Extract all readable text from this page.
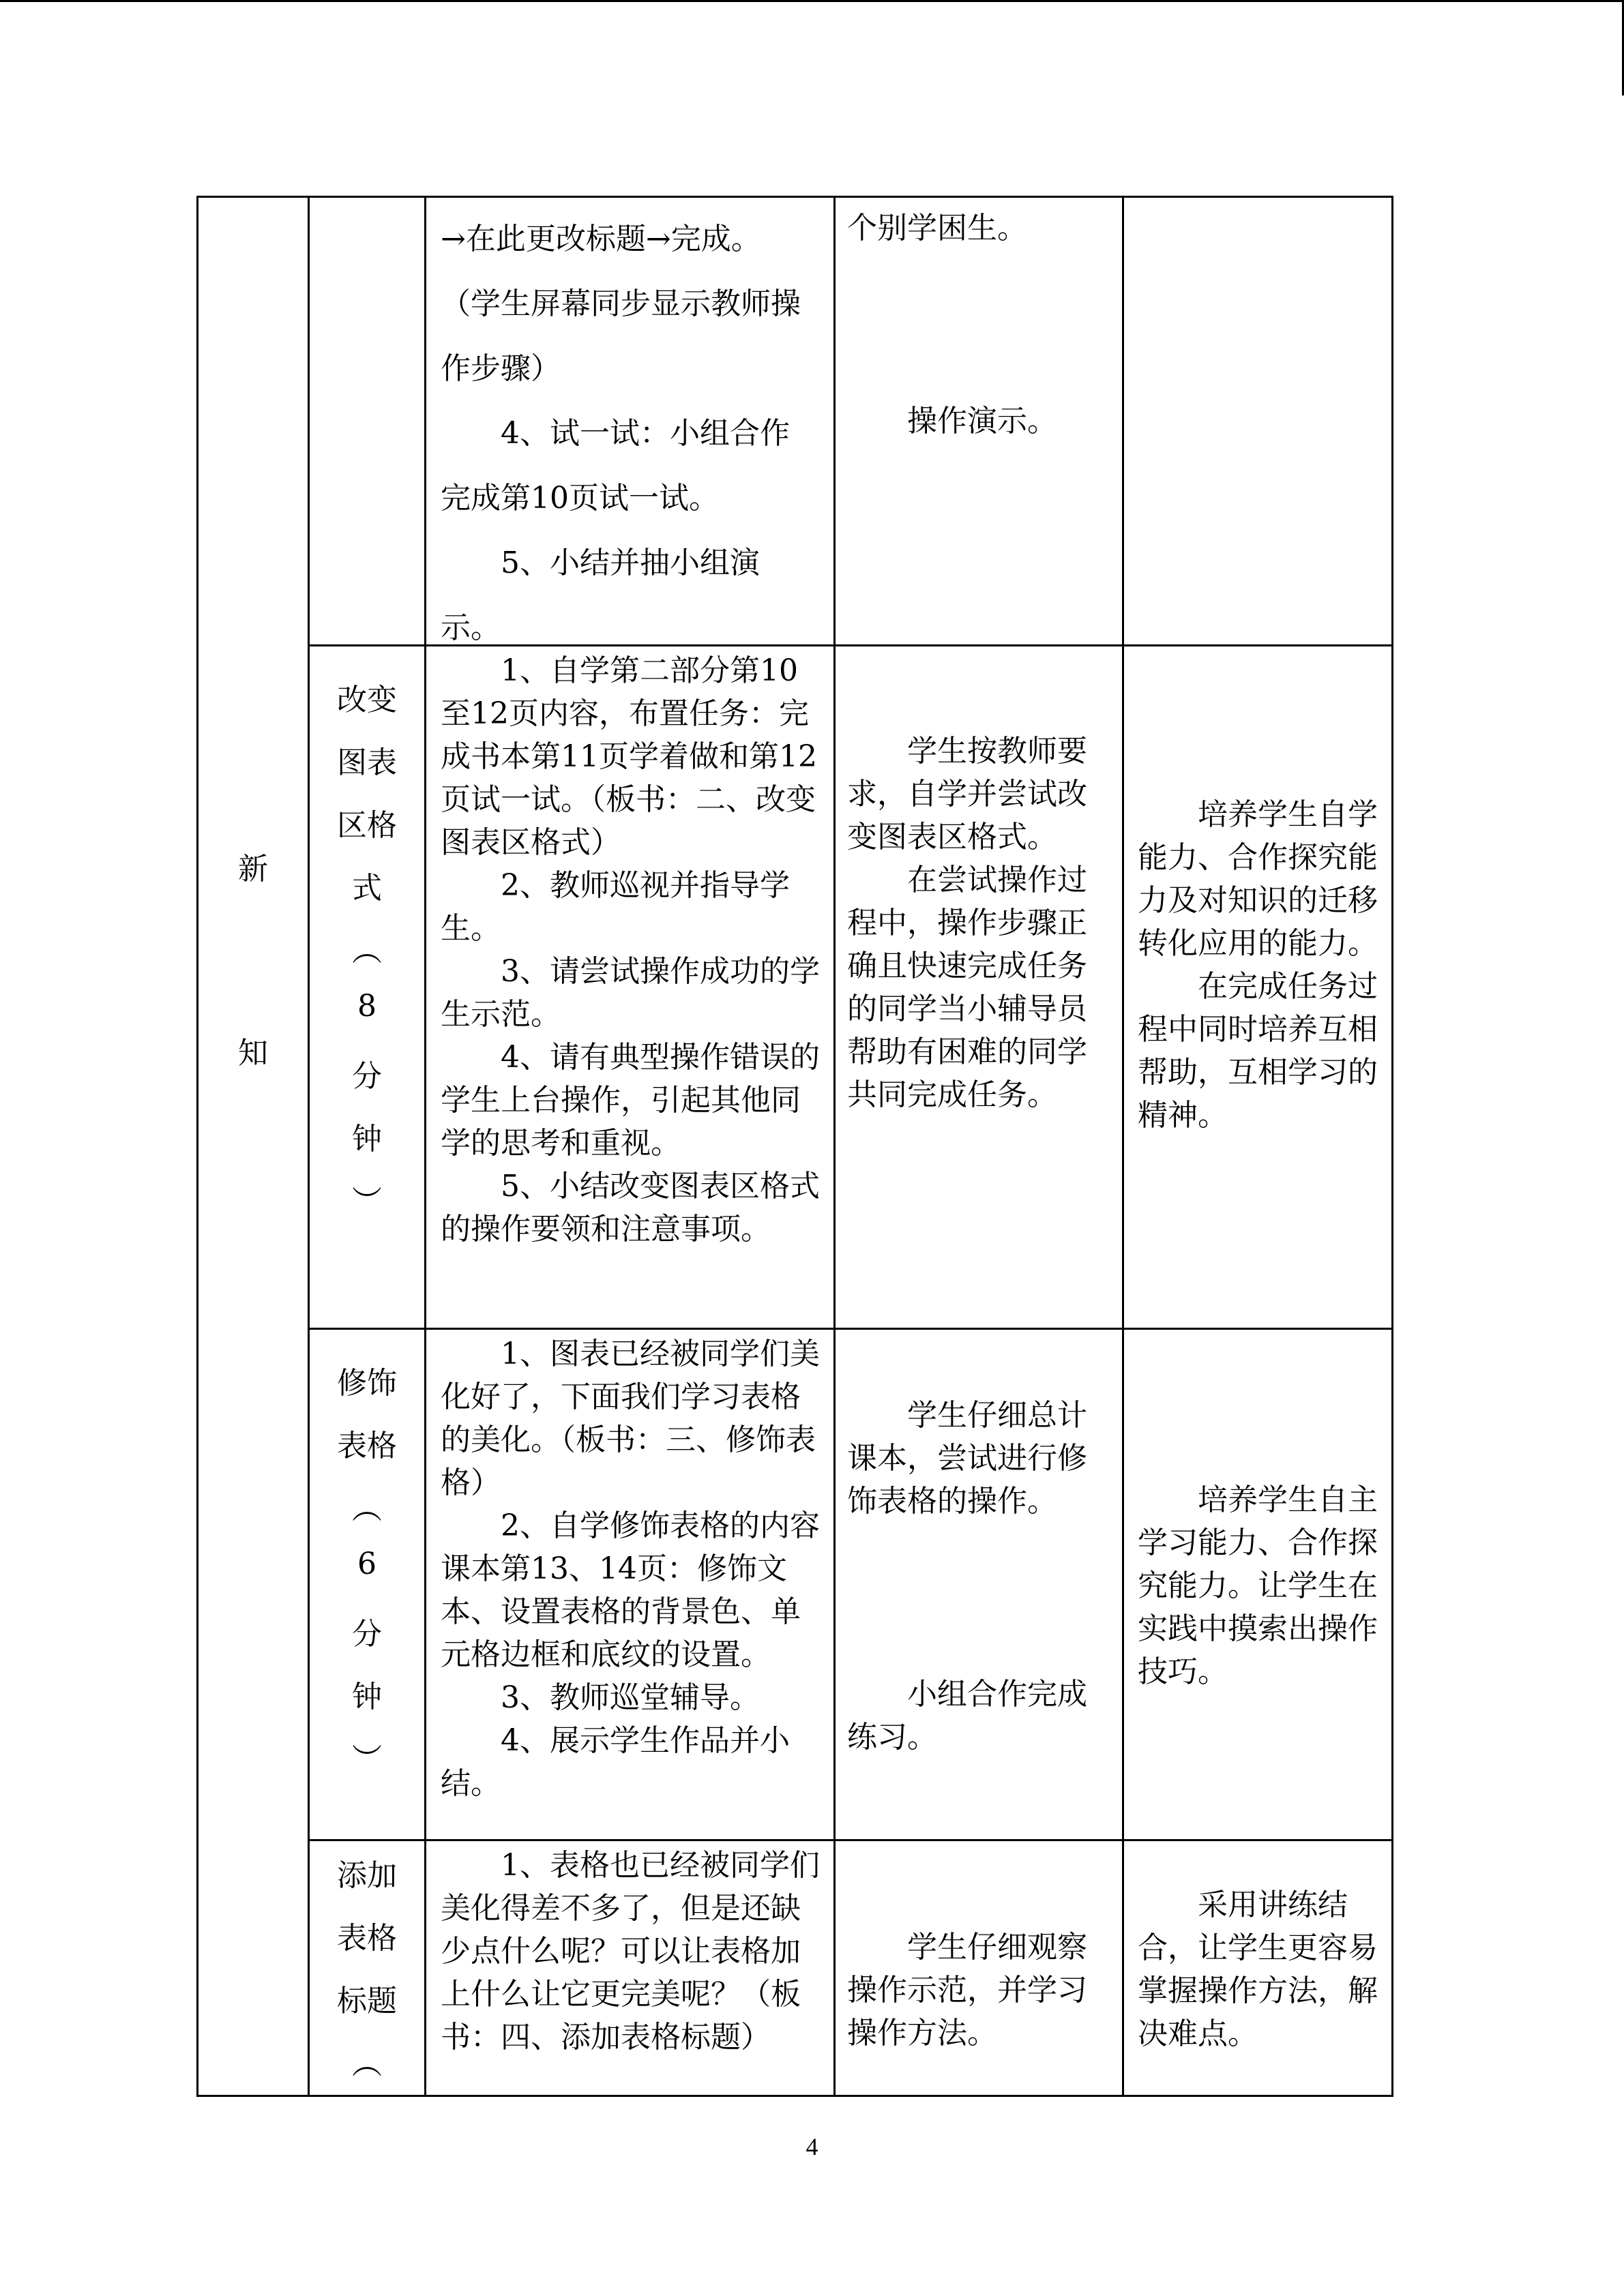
新知

→在此更改标题→完成。

（学生屏幕同步显示教师操作步骤）

4、试一试：小组合作完成第10页试一试。

5、小结并抽小组演示。

个别学困生。

操作演示。

改变
图表
区格
式
︵
8
分
钟
︶

1、自学第二部分第10至12页内容，布置任务：完成书本第11页学着做和第12页试一试。（板书：二、改变图表区格式）

2、教师巡视并指导学生。

3、请尝试操作成功的学生示范。

4、请有典型操作错误的学生上台操作，引起其他同学的思考和重视。

5、小结改变图表区格式的操作要领和注意事项。

学生按教师要求，自学并尝试改变图表区格式。

在尝试操作过程中，操作步骤正确且快速完成任务的同学当小辅导员帮助有困难的同学共同完成任务。

培养学生自学能力、合作探究能力及对知识的迁移转化应用的能力。

在完成任务过程中同时培养互相帮助，互相学习的精神。

修饰
表格
︵
6
分
钟
︶

1、图表已经被同学们美化好了，下面我们学习表格的美化。（板书：三、修饰表格）

2、自学修饰表格的内容课本第13、14页：修饰文本、设置表格的背景色、单元格边框和底纹的设置。

3、教师巡堂辅导。

4、展示学生作品并小结。

学生仔细总计课本，尝试进行修饰表格的操作。

小组合作完成练习。

培养学生自主学习能力、合作探究能力。让学生在实践中摸索出操作技巧。

添加
表格
标题
︵

1、表格也已经被同学们美化得差不多了，但是还缺少点什么呢？可以让表格加上什么让它更完美呢？（板书：四、添加表格标题）

学生仔细观察操作示范，并学习操作方法。

采用讲练结合，让学生更容易掌握操作方法，解决难点。

4
